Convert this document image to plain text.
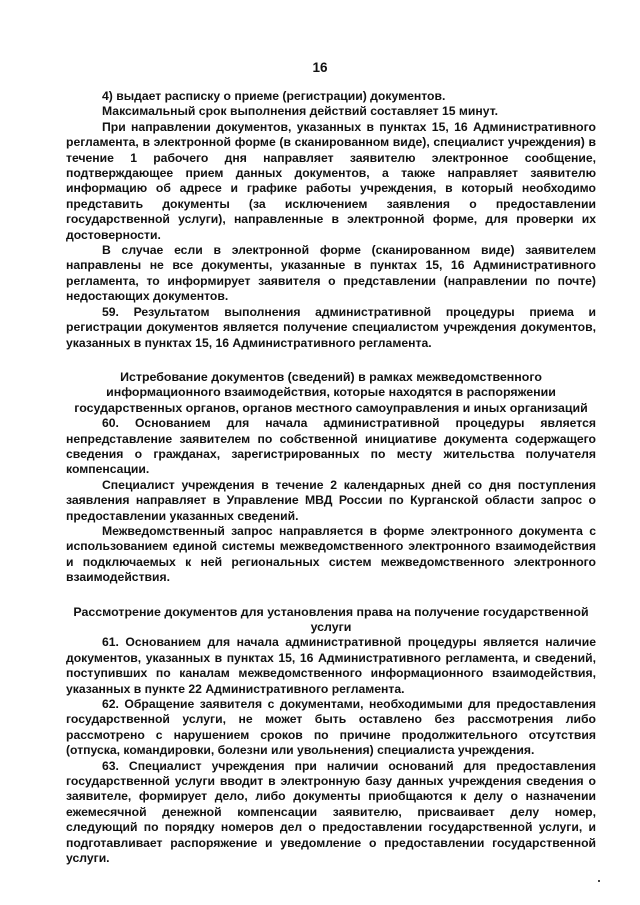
16

4) выдает расписку о приеме (регистрации) документов.

Максимальный срок выполнения действий составляет 15 минут.

При направлении документов, указанных в пунктах 15, 16 Административного регламента, в электронной форме (в сканированном виде), специалист учреждения) в течение 1 рабочего дня направляет заявителю электронное сообщение, подтверждающее прием данных документов, а также направляет заявителю информацию об адресе и графике работы учреждения, в который необходимо представить документы (за исключением заявления о предоставлении государственной услуги), направленные в электронной форме, для проверки их достоверности.

В случае если в электронной форме (сканированном виде) заявителем направлены не все документы, указанные в пунктах 15, 16 Административного регламента, то информирует заявителя о представлении (направлении по почте) недостающих документов.

59. Результатом выполнения административной процедуры приема и регистрации документов является получение специалистом учреждения документов, указанных в пунктах 15, 16 Административного регламента.

Истребование документов (сведений) в рамках межведомственного информационного взаимодействия, которые находятся в распоряжении государственных органов, органов местного самоуправления и иных организаций

60. Основанием для начала административной процедуры является непредставление заявителем по собственной инициативе документа содержащего сведения о гражданах, зарегистрированных по месту жительства получателя компенсации.

Специалист учреждения в течение 2 календарных дней со дня поступления заявления направляет в Управление МВД России по Курганской области запрос о предоставлении указанных сведений.

Межведомственный запрос направляется в форме электронного документа с использованием единой системы межведомственного электронного взаимодействия и подключаемых к ней региональных систем межведомственного электронного взаимодействия.

Рассмотрение документов для установления права на получение государственной услуги

61. Основанием для начала административной процедуры является наличие документов, указанных в пунктах 15, 16 Административного регламента, и сведений, поступивших по каналам межведомственного информационного взаимодействия, указанных в пункте 22 Административного регламента.

62. Обращение заявителя с документами, необходимыми для предоставления государственной услуги, не может быть оставлено без рассмотрения либо рассмотрено с нарушением сроков по причине продолжительного отсутствия (отпуска, командировки, болезни или увольнения) специалиста учреждения.

63. Специалист учреждения при наличии оснований для предоставления государственной услуги вводит в электронную базу данных учреждения сведения о заявителе, формирует дело, либо документы приобщаются к делу о назначении ежемесячной денежной компенсации заявителю, присваивает делу номер, следующий по порядку номеров дел о предоставлении государственной услуги, и подготавливает распоряжение и уведомление о предоставлении государственной услуги.
